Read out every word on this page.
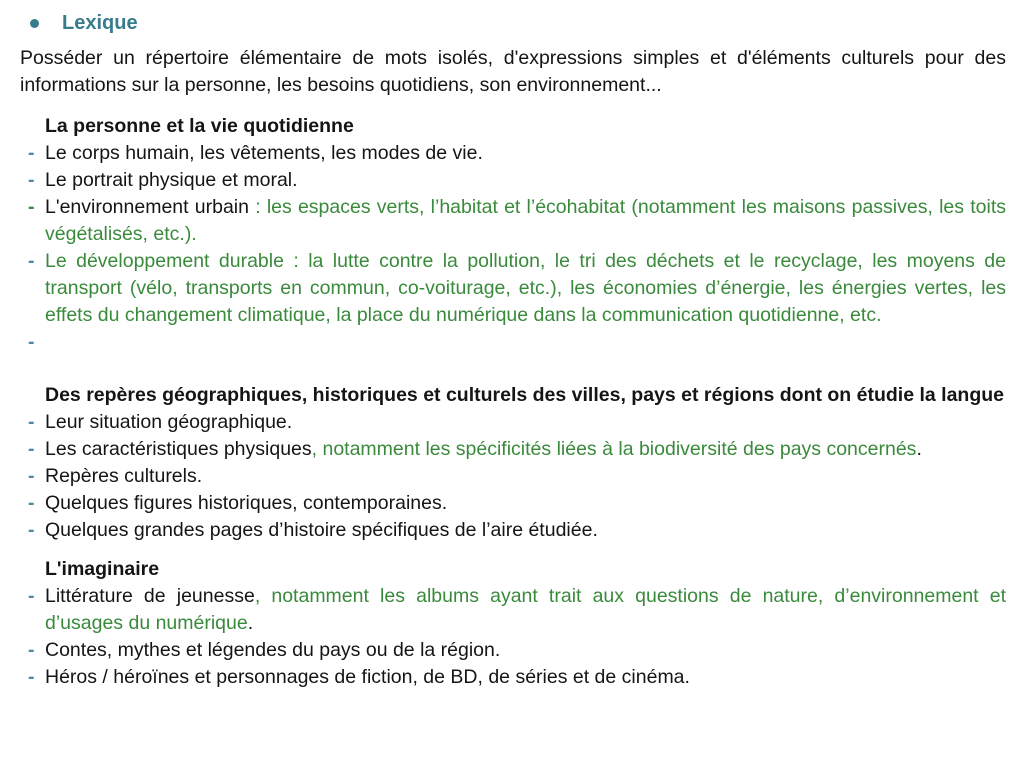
Lexique

Posséder un répertoire élémentaire de mots isolés, d'expressions simples et d'éléments culturels pour des informations sur la personne, les besoins quotidiens, son environnement...

La personne et la vie quotidienne
- Le corps humain, les vêtements, les modes de vie.
- Le portrait physique et moral.
- L'environnement urbain : les espaces verts, l’habitat et l’écohabitat (notamment les maisons passives, les toits végétalisés, etc.).
- Le développement durable : la lutte contre la pollution, le tri des déchets et le recyclage, les moyens de transport (vélo, transports en commun, co-voiturage, etc.), les économies d’énergie, les énergies vertes, les effets du changement climatique, la place du numérique dans la communication quotidienne, etc.
-
Des repères géographiques, historiques et culturels des villes, pays et régions dont on étudie la langue
- Leur situation géographique.
- Les caractéristiques physiques, notamment les spécificités liées à la biodiversité des pays concernés.
- Repères culturels.
- Quelques figures historiques, contemporaines.
- Quelques grandes pages d’histoire spécifiques de l’aire étudiée.
L'imaginaire
- Littérature de jeunesse, notamment les albums ayant trait aux questions de nature, d’environnement et d’usages du numérique.
- Contes, mythes et légendes du pays ou de la région.
- Héros / héroïnes et personnages de fiction, de BD, de séries et de cinéma.
